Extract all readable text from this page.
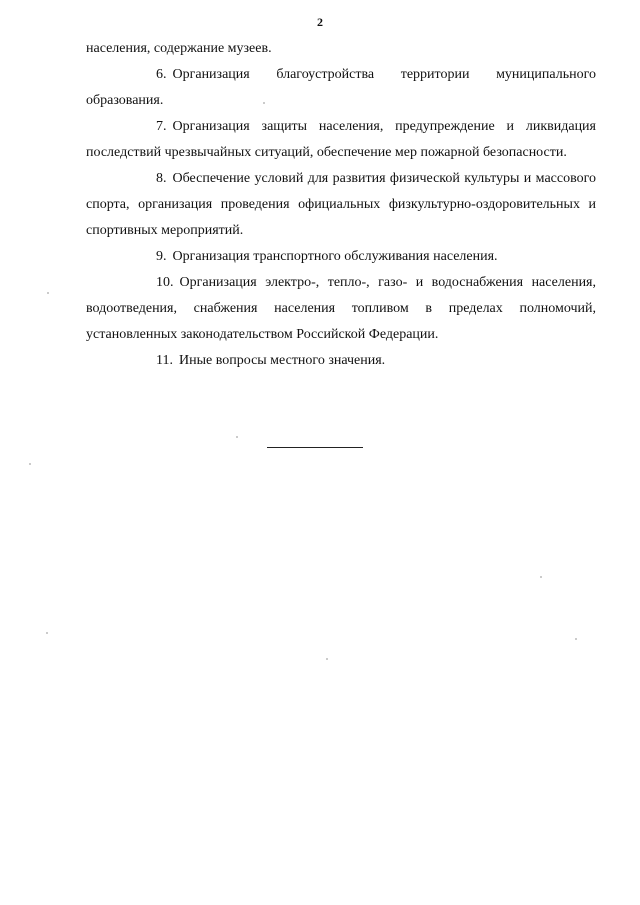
2

населения, содержание музеев.

6. Организация благоустройства территории муниципального образования.

7. Организация защиты населения, предупреждение и ликвидация последствий чрезвычайных ситуаций, обеспечение мер пожарной безопасности.

8. Обеспечение условий для развития физической культуры и массового спорта, организация проведения официальных физкультурно-оздоровительных и спортивных мероприятий.

9. Организация транспортного обслуживания населения.

10. Организация электро-, тепло-, газо- и водоснабжения населения, водоотведения, снабжения населения топливом в пределах полномочий, установленных законодательством Российской Федерации.

11. Иные вопросы местного значения.
